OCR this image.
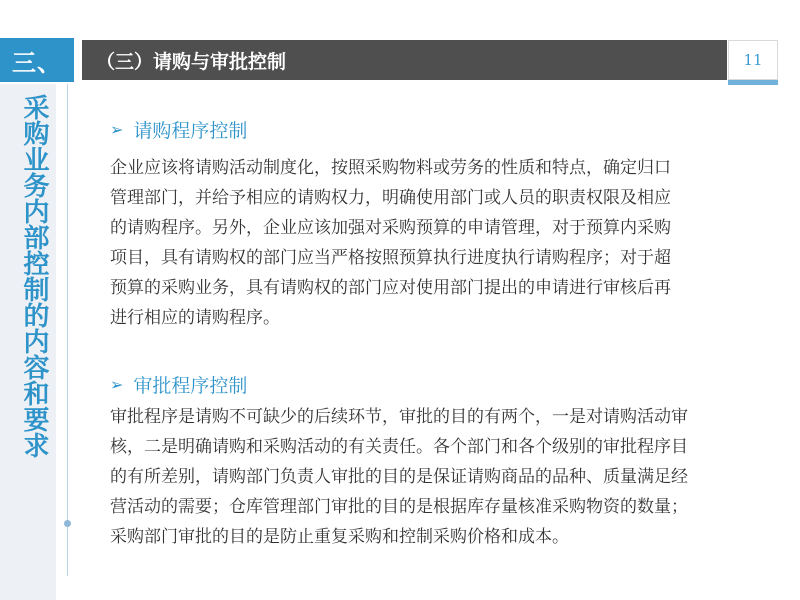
三、 （三）请购与审批控制	11
采购业务内部控制的内容和要求	➢ 请购程序控制
企业应该将请购活动制度化，按照采购物料或劳务的性质和特点，确定归口
管理部门，并给予相应的请购权力，明确使用部门或人员的职责权限及相应
的请购程序。另外，企业应该加强对采购预算的申请管理，对于预算内采购
项目，具有请购权的部门应当严格按照预算执行进度执行请购程序；对于超
预算的采购业务，具有请购权的部门应对使用部门提出的申请进行审核后再
进行相应的请购程序。
➢ 审批程序控制
审批程序是请购不可缺少的后续环节，审批的目的有两个，一是对请购活动审
核，二是明确请购和采购活动的有关责任。各个部门和各个级别的审批程序目
的有所差别，请购部门负责人审批的目的是保证请购商品的品种、质量满足经
营活动的需要；仓库管理部门审批的目的是根据库存量核准采购物资的数量；
采购部门审批的目的是防止重复采购和控制采购价格和成本。
